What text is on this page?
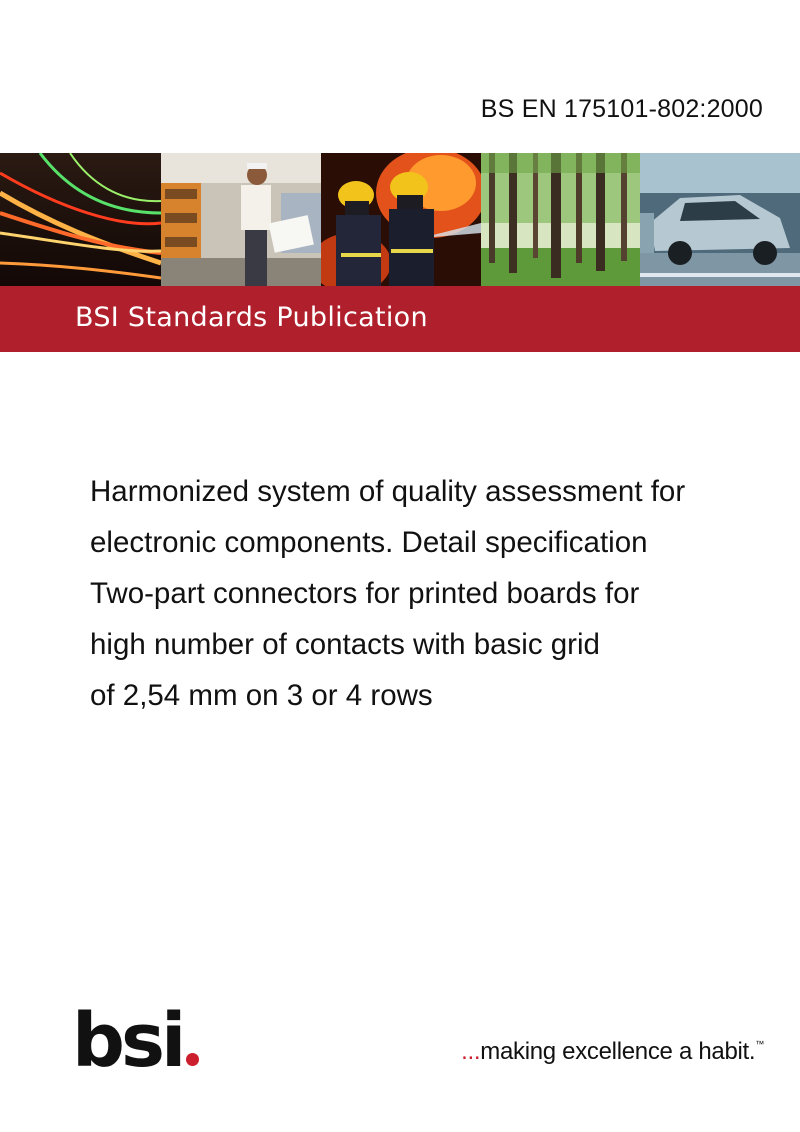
BS EN 175101-802:2000
BSI Standards Publication
Harmonized system of quality assessment for
electronic components. Detail specification
Two-part connectors for printed boards for
high number of contacts with basic grid
of 2,54 mm on 3 or 4 rows
bsi	...making excellence a habit.™
